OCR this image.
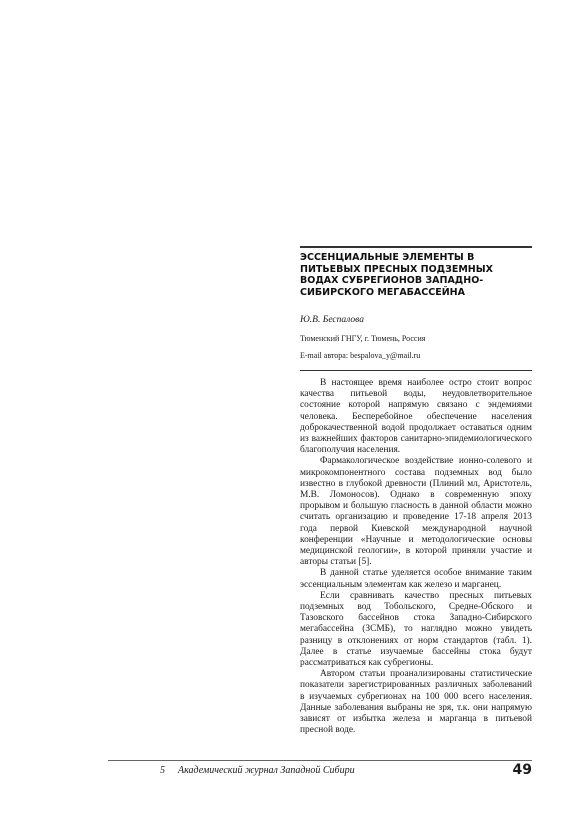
ЭССЕНЦИАЛЬНЫЕ ЭЛЕМЕНТЫ В ПИТЬЕВЫХ ПРЕСНЫХ ПОДЗЕМНЫХ ВОДАХ СУБРЕГИОНОВ ЗАПАДНО-СИБИРСКОГО МЕГАБАССЕЙНА
Ю.В. Беспалова
Тюменский ГНГУ, г. Тюмень, Россия
E-mail автора: bespalova_y@mail.ru

В настоящее время наиболее остро стоит вопрос качества питьевой воды, неудовлетворительное состояние которой напрямую связано с эндемиями человека. Бесперебойное обеспечение населения доброкачественной водой продолжает оставаться одним из важнейших факторов санитарно-эпидемиологического благополучия населения.

Фармакологическое воздействие ионно-солевого и микрокомпонентного состава подземных вод было известно в глубокой древности (Плиний мл, Аристотель, М.В. Ломоносов). Однако в современную эпоху прорывом и большую гласность в данной области можно считать организацию и проведение 17-18 апреля 2013 года первой Киевской международной научной конференции «Научные и методологические основы медицинской геологии», в которой приняли участие и авторы статьи [5].

В данной статье уделяется особое внимание таким эссенциальным элементам как железо и марганец.

Если сравнивать качество пресных питьевых подземных вод Тобольского, Средне-Обского и Тазовского бассейнов стока Западно-Сибирского мегабассейна (ЗСМБ), то наглядно можно увидеть разницу в отклонениях от норм стандартов (табл. 1). Далее в статье изучаемые бассейны стока будут рассматриваться как субрегионы.

Автором статьи проанализированы статистические показатели зарегистрированных различных заболеваний в изучаемых субрегионах на 100 000 всего населения. Данные заболевания выбраны не зря, т.к. они напрямую зависят от избытка железа и марганца в питьевой пресной воде.

5 Академический журнал Западной Сибири	49
